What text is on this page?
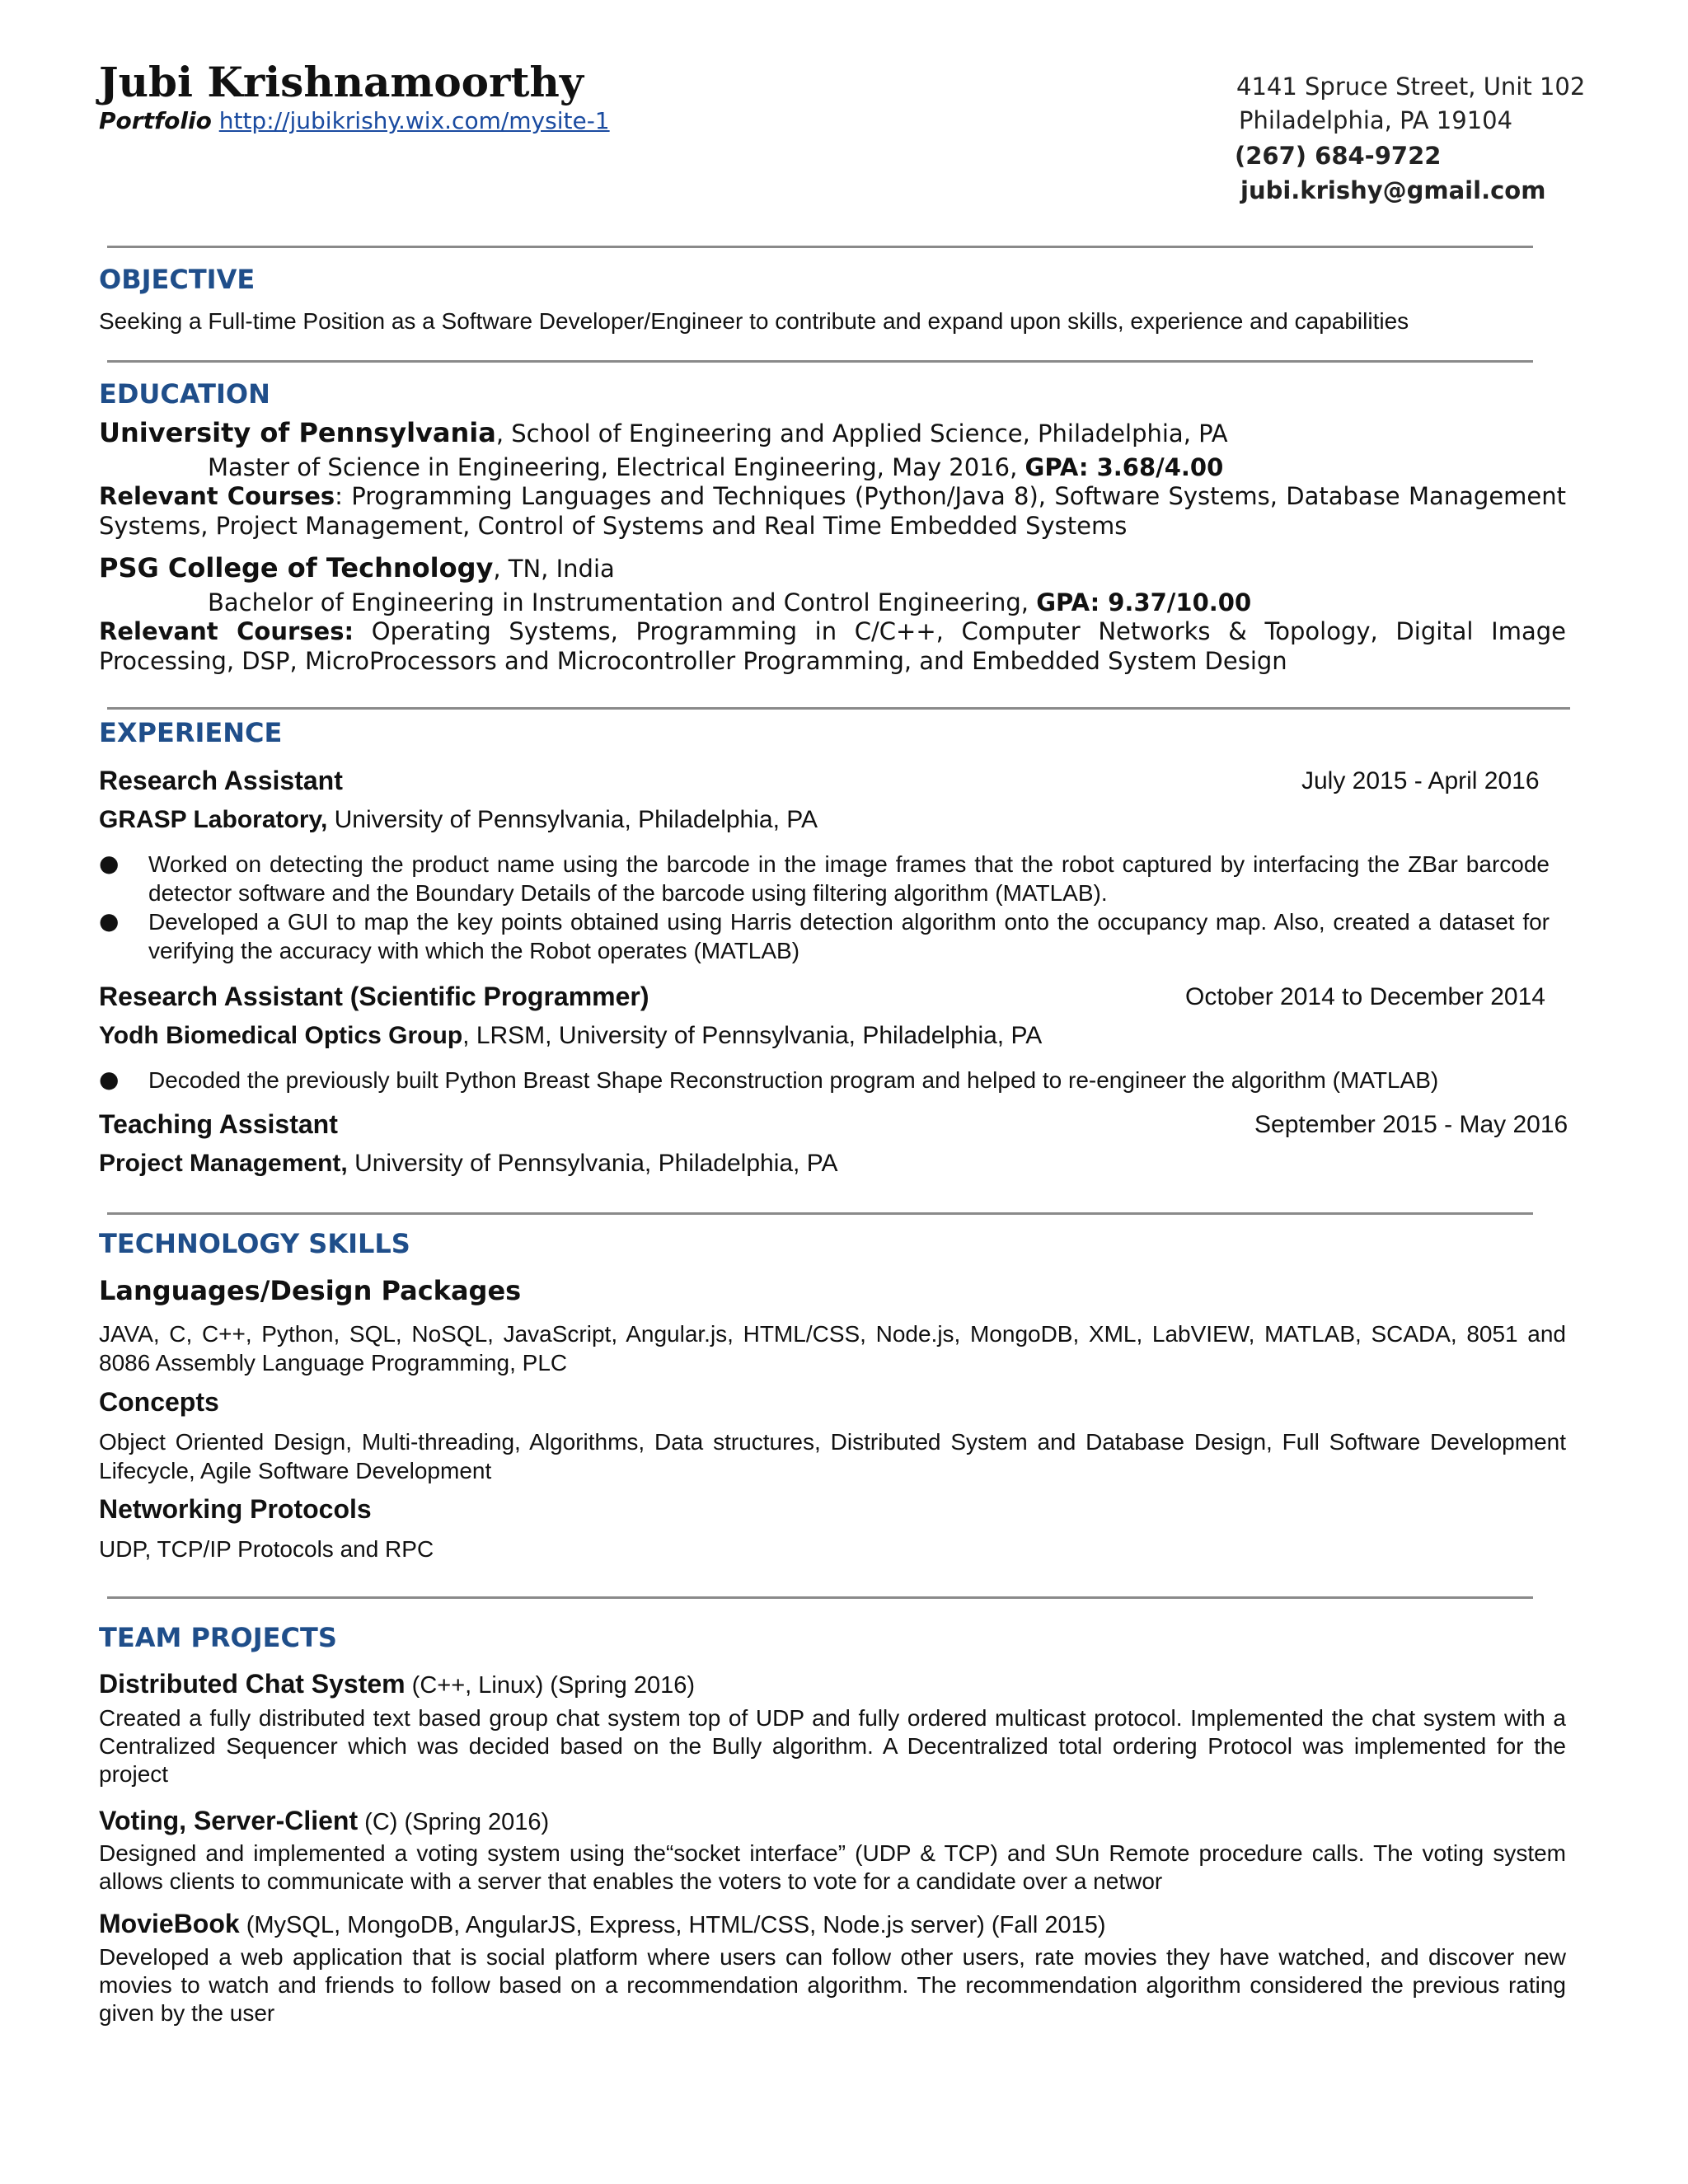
Jubi Krishnamoorthy
Portfolio http://jubikrishy.wix.com/mysite-1
4141 Spruce Street, Unit 102
Philadelphia, PA 19104
(267) 684-9722
jubi.krishy@gmail.com
OBJECTIVE
Seeking a Full-time Position as a Software Developer/Engineer to contribute and expand upon skills, experience and capabilities
EDUCATION
University of Pennsylvania, School of Engineering and Applied Science, Philadelphia, PA
Master of Science in Engineering, Electrical Engineering, May 2016, GPA: 3.68/4.00
Relevant Courses: Programming Languages and Techniques (Python/Java 8), Software Systems, Database Management Systems, Project Management, Control of Systems and Real Time Embedded Systems
PSG College of Technology, TN, India
Bachelor of Engineering in Instrumentation and Control Engineering, GPA: 9.37/10.00
Relevant Courses: Operating Systems, Programming in C/C++, Computer Networks & Topology, Digital Image Processing, DSP, MicroProcessors and Microcontroller Programming, and Embedded System Design
EXPERIENCE
Research Assistant	July 2015 - April 2016
GRASP Laboratory, University of Pennsylvania, Philadelphia, PA
● Worked on detecting the product name using the barcode in the image frames that the robot captured by interfacing the ZBar barcode detector software and the Boundary Details of the barcode using filtering algorithm (MATLAB).
● Developed a GUI to map the key points obtained using Harris detection algorithm onto the occupancy map. Also, created a dataset for verifying the accuracy with which the Robot operates (MATLAB)
Research Assistant (Scientific Programmer)	October 2014 to December 2014
Yodh Biomedical Optics Group, LRSM, University of Pennsylvania, Philadelphia, PA
● Decoded the previously built Python Breast Shape Reconstruction program and helped to re-engineer the algorithm (MATLAB)
Teaching Assistant	September 2015 - May 2016
Project Management, University of Pennsylvania, Philadelphia, PA
TECHNOLOGY SKILLS
Languages/Design Packages
JAVA, C, C++, Python, SQL, NoSQL, JavaScript, Angular.js, HTML/CSS, Node.js, MongoDB, XML, LabVIEW, MATLAB, SCADA, 8051 and 8086 Assembly Language Programming, PLC
Concepts
Object Oriented Design, Multi-threading, Algorithms, Data structures, Distributed System and Database Design, Full Software Development Lifecycle, Agile Software Development
Networking Protocols
UDP, TCP/IP Protocols and RPC
TEAM PROJECTS
Distributed Chat System (C++, Linux) (Spring 2016)
Created a fully distributed text based group chat system top of UDP and fully ordered multicast protocol. Implemented the chat system with a Centralized Sequencer which was decided based on the Bully algorithm. A Decentralized total ordering Protocol was implemented for the project
Voting, Server-Client (C) (Spring 2016)
Designed and implemented a voting system using the“socket interface” (UDP & TCP) and SUn Remote procedure calls. The voting system allows clients to communicate with a server that enables the voters to vote for a candidate over a networ
MovieBook (MySQL, MongoDB, AngularJS, Express, HTML/CSS, Node.js server) (Fall 2015)
Developed a web application that is social platform where users can follow other users, rate movies they have watched, and discover new movies to watch and friends to follow based on a recommendation algorithm. The recommendation algorithm considered the previous rating given by the user
